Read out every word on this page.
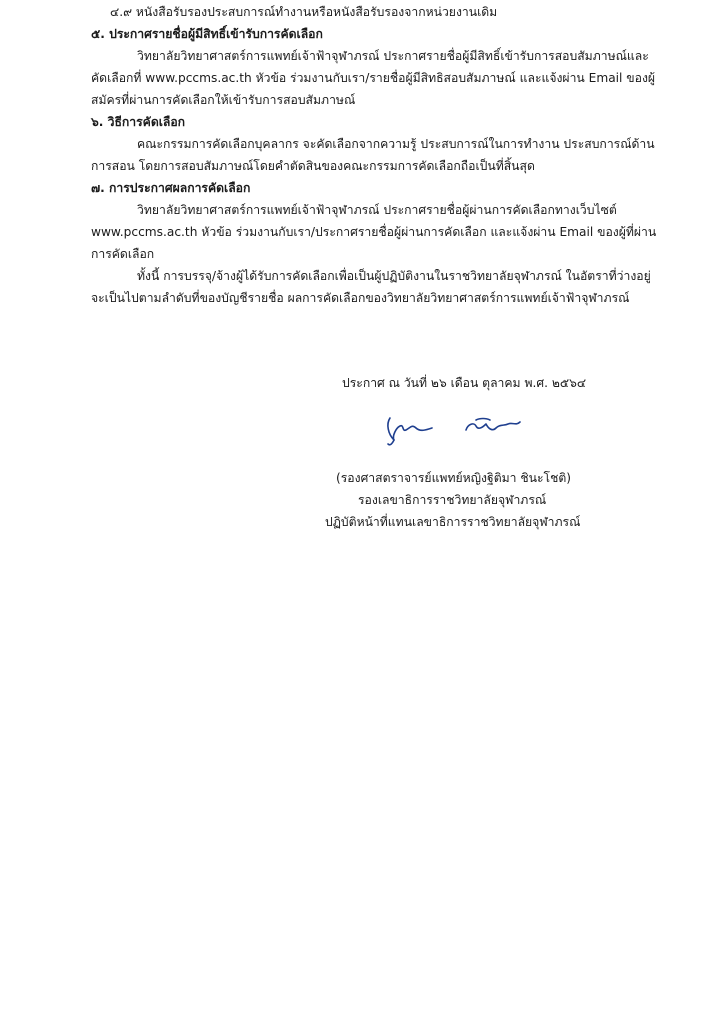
๔.๙ หนังสือรับรองประสบการณ์ทำงานหรือหนังสือรับรองจากหน่วยงานเดิม
๕. ประกาศรายชื่อผู้มีสิทธิ์เข้ารับการคัดเลือก
วิทยาลัยวิทยาศาสตร์การแพทย์เจ้าฟ้าจุฬาภรณ์ ประกาศรายชื่อผู้มีสิทธิ์เข้ารับการสอบสัมภาษณ์และ
คัดเลือกที่ www.pccms.ac.th หัวข้อ ร่วมงานกับเรา/รายชื่อผู้มีสิทธิสอบสัมภาษณ์ และแจ้งผ่าน Email ของผู้
สมัครที่ผ่านการคัดเลือกให้เข้ารับการสอบสัมภาษณ์
๖. วิธีการคัดเลือก
คณะกรรมการคัดเลือกบุคลากร จะคัดเลือกจากความรู้ ประสบการณ์ในการทำงาน ประสบการณ์ด้าน
การสอน โดยการสอบสัมภาษณ์โดยคำตัดสินของคณะกรรมการคัดเลือกถือเป็นที่สิ้นสุด
๗. การประกาศผลการคัดเลือก
วิทยาลัยวิทยาศาสตร์การแพทย์เจ้าฟ้าจุฬาภรณ์ ประกาศรายชื่อผู้ผ่านการคัดเลือกทางเว็บไซต์
www.pccms.ac.th หัวข้อ ร่วมงานกับเรา/ประกาศรายชื่อผู้ผ่านการคัดเลือก และแจ้งผ่าน Email ของผู้ที่ผ่าน
การคัดเลือก
ทั้งนี้ การบรรจุ/จ้างผู้ได้รับการคัดเลือกเพื่อเป็นผู้ปฏิบัติงานในราชวิทยาลัยจุฬาภรณ์ ในอัตราที่ว่างอยู่
จะเป็นไปตามลำดับที่ของบัญชีรายชื่อ ผลการคัดเลือกของวิทยาลัยวิทยาศาสตร์การแพทย์เจ้าฟ้าจุฬาภรณ์
ประกาศ ณ วันที่ ๒๖ เดือน ตุลาคม พ.ศ. ๒๕๖๔
(รองศาสตราจารย์แพทย์หญิงฐิติมา ชินะโชติ)
รองเลขาธิการราชวิทยาลัยจุฬาภรณ์
ปฏิบัติหน้าที่แทนเลขาธิการราชวิทยาลัยจุฬาภรณ์
